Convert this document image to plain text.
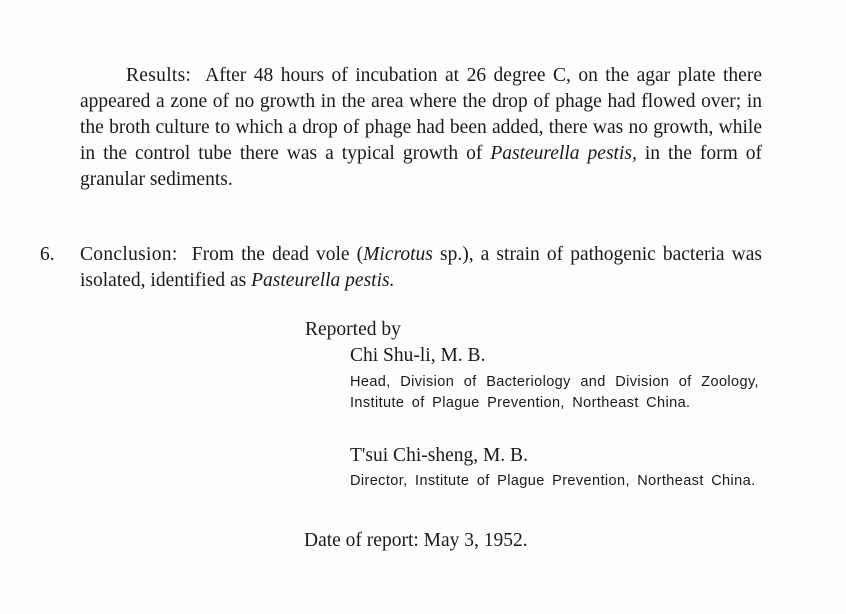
Results: After 48 hours of incubation at 26 degree C, on the agar plate there appeared a zone of no growth in the area where the drop of phage had flowed over; in the broth culture to which a drop of phage had been added, there was no growth, while in the control tube there was a typical growth of Pasteurella pestis, in the form of granular sediments.

6. Conclusion: From the dead vole (Microtus sp.), a strain of pathogenic bacteria was isolated, identified as Pasteurella pestis.

Reported by
Chi Shu-li, M. B.

Head, Division of Bacteriology and Division of Zoology, Institute of Plague Prevention, Northeast China.

T'sui Chi-sheng, M. B.

Director, Institute of Plague Prevention, Northeast China.

Date of report: May 3, 1952.
